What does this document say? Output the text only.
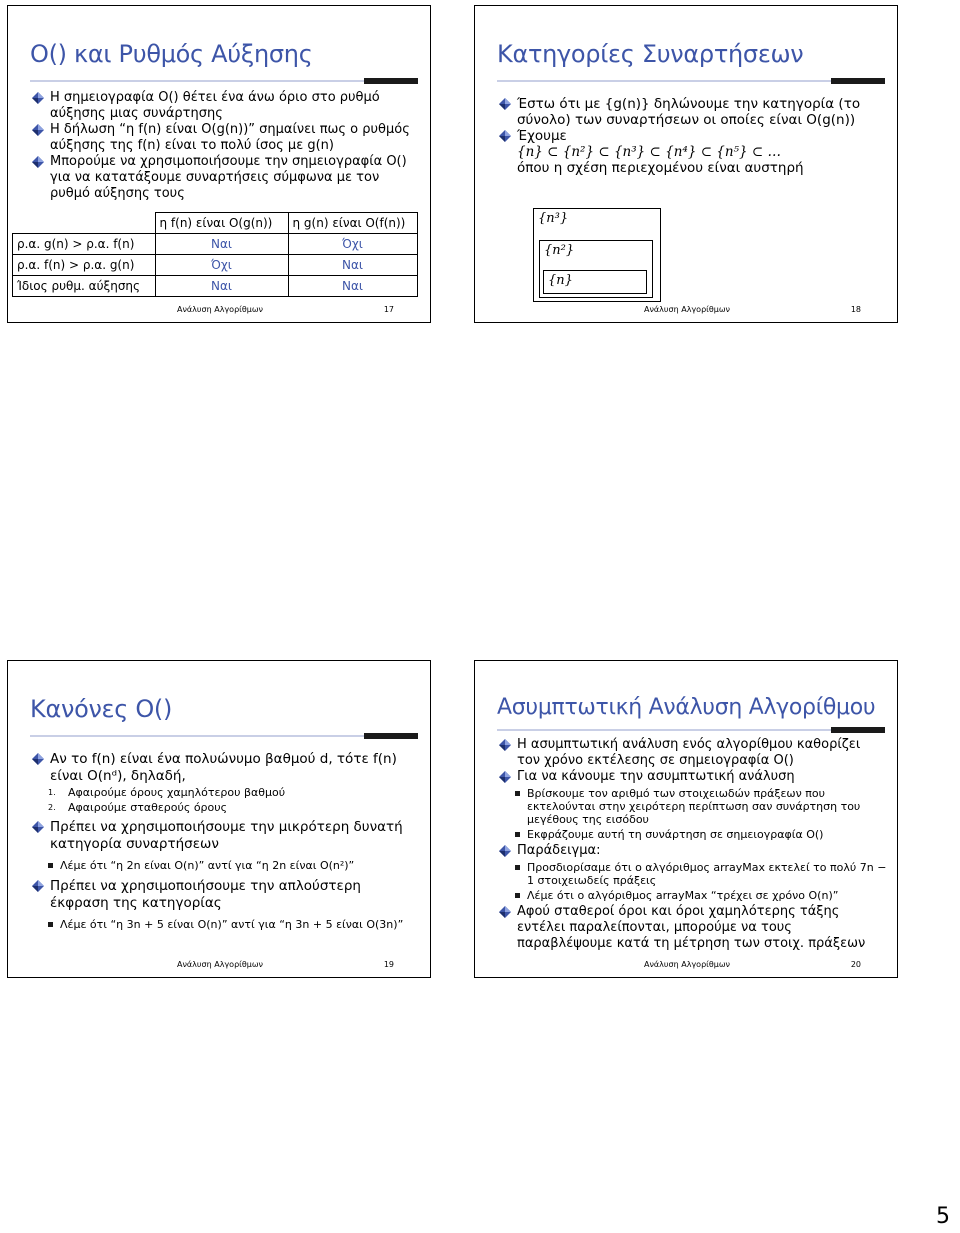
O() και Ρυθμός Αύξησης
Η σημειογραφία O() θέτει ένα άνω όριο στο ρυθμό αύξησης μιας συνάρτησης
Η δήλωση “η f(n) είναι O(g(n))” σημαίνει πως ο ρυθμός αύξησης της f(n) είναι το πολύ ίσος με g(n)
Μπορούμε να χρησιμοποιήσουμε την σημειογραφία O() για να κατατάξουμε συναρτήσεις σύμφωνα με τον ρυθμό αύξησης τους
	η f(n) είναι O(g(n))	η g(n) είναι O(f(n))
ρ.α. g(n) > ρ.α. f(n)	Ναι	Όχι
ρ.α. f(n) > ρ.α. g(n)	Όχι	Ναι
Ίδιος ρυθμ. αύξησης	Ναι	Ναι
Ανάλυση Αλγορίθμων	17
Κατηγορίες Συναρτήσεων
Έστω ότι με {g(n)} δηλώνουμε την κατηγορία (το σύνολο) των συναρτήσεων οι οποίες είναι O(g(n))
Έχουμε
{n} ⊂ {n²} ⊂ {n³} ⊂ {n⁴} ⊂ {n⁵} ⊂ …
όπου η σχέση περιεχομένου είναι αυστηρή
{n³}
{n²}
{n}
Ανάλυση Αλγορίθμων	18
Κανόνες O()
Αν το f(n) είναι ένα πολυώνυμο βαθμού d, τότε f(n) είναι O(nᵈ), δηλαδή,
1. Αφαιρούμε όρους χαμηλότερου βαθμού
2. Αφαιρούμε σταθερούς όρους
Πρέπει να χρησιμοποιήσουμε την μικρότερη δυνατή κατηγορία συναρτήσεων
Λέμε ότι “η 2n είναι O(n)” αντί για “η 2n είναι O(n²)”
Πρέπει να χρησιμοποιήσουμε την απλούστερη έκφραση της κατηγορίας
Λέμε ότι “η 3n + 5 είναι O(n)” αντί για “η 3n + 5 είναι O(3n)”
Ανάλυση Αλγορίθμων	19
Ασυμπτωτική Ανάλυση Αλγορίθμου
Η ασυμπτωτική ανάλυση ενός αλγορίθμου καθορίζει τον χρόνο εκτέλεσης σε σημειογραφία O()
Για να κάνουμε την ασυμπτωτική ανάλυση
Βρίσκουμε τον αριθμό των στοιχειωδών πράξεων που εκτελούνται στην χειρότερη περίπτωση σαν συνάρτηση του μεγέθους της εισόδου
Εκφράζουμε αυτή τη συνάρτηση σε σημειογραφία O()
Παράδειγμα:
Προσδιορίσαμε ότι ο αλγόριθμος arrayMax εκτελεί το πολύ 7n − 1 στοιχειωδείς πράξεις
Λέμε ότι ο αλγόριθμος arrayMax “τρέχει σε χρόνο O(n)”
Αφού σταθεροί όροι και όροι χαμηλότερης τάξης εντέλει παραλείπονται, μπορούμε να τους παραβλέψουμε κατά τη μέτρηση των στοιχ. πράξεων
Ανάλυση Αλγορίθμων	20
5
